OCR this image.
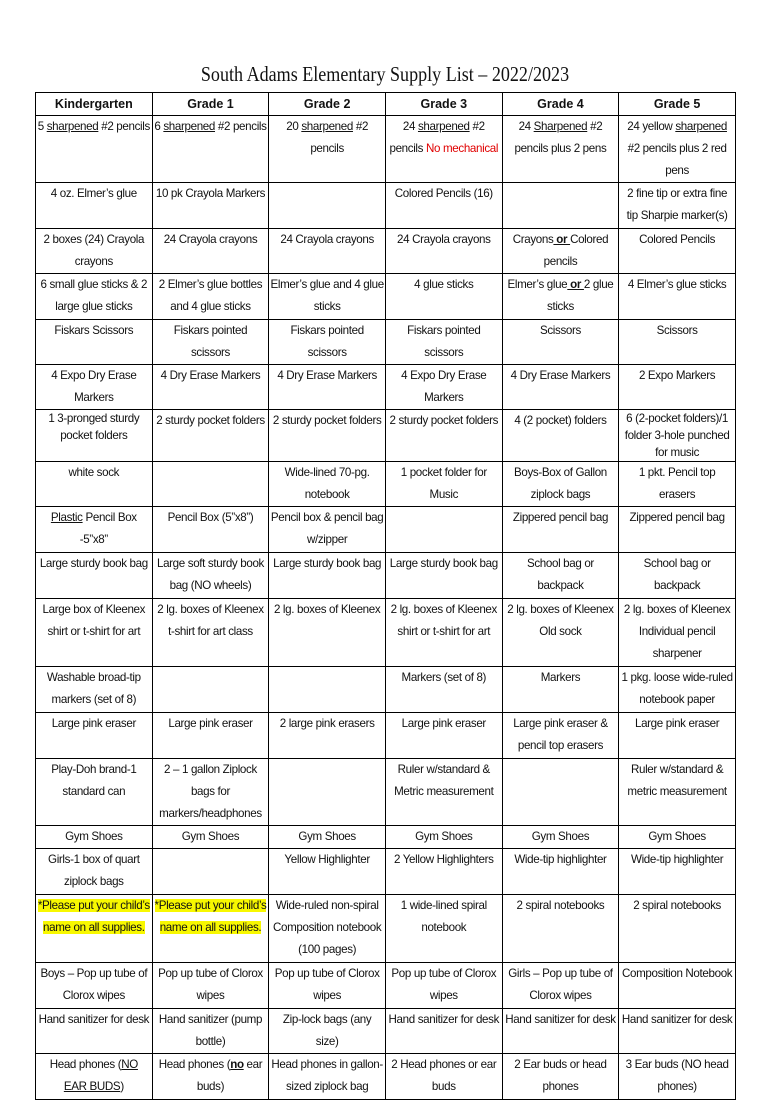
South Adams Elementary Supply List – 2022/2023
Kindergarten	Grade 1	Grade 2	Grade 3	Grade 4	Grade 5
5 sharpened #2 pencils	6 sharpened #2 pencils	20 sharpened #2 pencils	24 sharpened #2 pencils No mechanical	24 Sharpened #2 pencils plus 2 pens	24 yellow sharpened #2 pencils plus 2 red pens
4 oz. Elmer’s glue	10 pk Crayola Markers		Colored Pencils (16)		2 fine tip or extra fine tip Sharpie marker(s)
2 boxes (24) Crayola crayons	24 Crayola crayons	24 Crayola crayons	24 Crayola crayons	Crayons or Colored pencils	Colored Pencils
6 small glue sticks & 2 large glue sticks	2 Elmer’s glue bottles and 4 glue sticks	Elmer’s glue and 4 glue sticks	4 glue sticks	Elmer’s glue or 2 glue sticks	4 Elmer’s glue sticks
Fiskars Scissors	Fiskars pointed scissors	Fiskars pointed scissors	Fiskars pointed scissors	Scissors	Scissors
4 Expo Dry Erase Markers	4 Dry Erase Markers	4 Dry Erase Markers	4 Expo Dry Erase Markers	4 Dry Erase Markers	2 Expo Markers
1 3-pronged sturdy pocket folders	2 sturdy pocket folders	2 sturdy pocket folders	2 sturdy pocket folders	4 (2 pocket) folders	6 (2-pocket folders)/1 folder 3-hole punched for music
white sock		Wide-lined 70-pg. notebook	1 pocket folder for Music	Boys-Box of Gallon ziplock bags	1 pkt. Pencil top erasers
Plastic Pencil Box -5”x8”	Pencil Box (5”x8”)	Pencil box & pencil bag w/zipper		Zippered pencil bag	Zippered pencil bag
Large sturdy book bag	Large soft sturdy book bag (NO wheels)	Large sturdy book bag	Large sturdy book bag	School bag or backpack	School bag or backpack
Large box of Kleenex shirt or t-shirt for art	2 lg. boxes of Kleenex t-shirt for art class	2 lg. boxes of Kleenex	2 lg. boxes of Kleenex shirt or t-shirt for art	2 lg. boxes of Kleenex Old sock	2 lg. boxes of Kleenex Individual pencil sharpener
Washable broad-tip markers (set of 8)			Markers (set of 8)	Markers	1 pkg. loose wide-ruled notebook paper
Large pink eraser	Large pink eraser	2 large pink erasers	Large pink eraser	Large pink eraser & pencil top erasers	Large pink eraser
Play-Doh brand-1 standard can	2 – 1 gallon Ziplock bags for markers/headphones		Ruler w/standard & Metric measurement		Ruler w/standard & metric measurement
Gym Shoes	Gym Shoes	Gym Shoes	Gym Shoes	Gym Shoes	Gym Shoes
Girls-1 box of quart ziplock bags		Yellow Highlighter	2 Yellow Highlighters	Wide-tip highlighter	Wide-tip highlighter
*Please put your child’s name on all supplies.	*Please put your child’s name on all supplies.	Wide-ruled non-spiral Composition notebook (100 pages)	1 wide-lined spiral notebook	2 spiral notebooks	2 spiral notebooks
Boys – Pop up tube of Clorox wipes	Pop up tube of Clorox wipes	Pop up tube of Clorox wipes	Pop up tube of Clorox wipes	Girls – Pop up tube of Clorox wipes	Composition Notebook
Hand sanitizer for desk	Hand sanitizer (pump bottle)	Zip-lock bags (any size)	Hand sanitizer for desk	Hand sanitizer for desk	Hand sanitizer for desk
Head phones (NO EAR BUDS)	Head phones (no ear buds)	Head phones in gallon-sized ziplock bag	2 Head phones or ear buds	2 Ear buds or head phones	3 Ear buds (NO head phones)
